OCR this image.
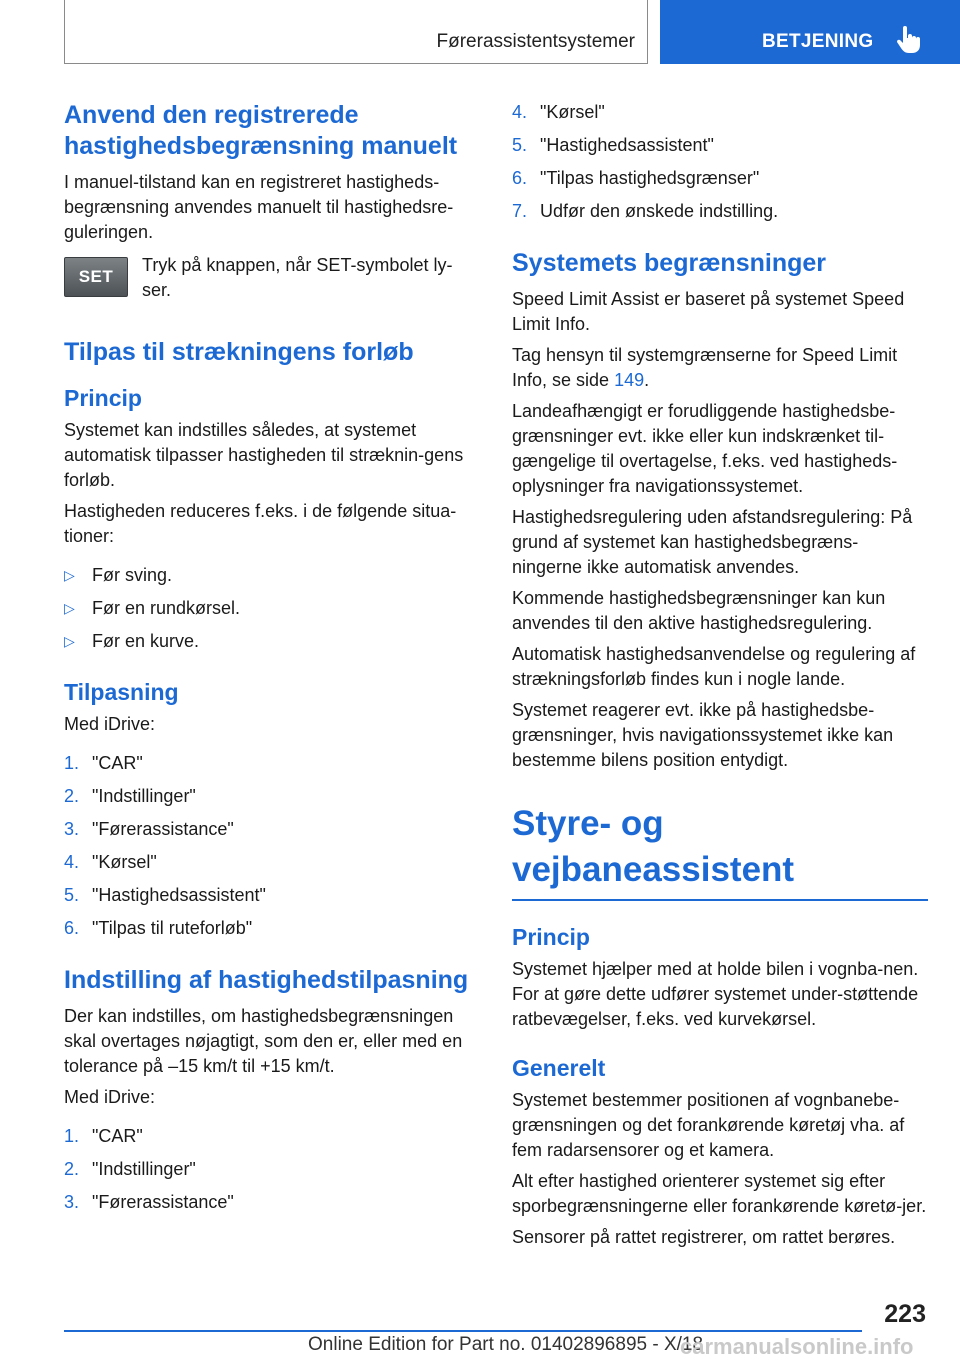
Førerassistentsystemer	BETJENING
Anvend den registrerede hastighedsbegrænsning manuelt

I manuel-tilstand kan en registreret hastigheds-begrænsning anvendes manuelt til hastighedsre-guleringen.

SET

Tryk på knappen, når SET-symbolet ly-ser.

Tilpas til strækningens forløb
Princip

Systemet kan indstilles således, at systemet automatisk tilpasser hastigheden til stræknin-gens forløb.

Hastigheden reduceres f.eks. i de følgende situa-tioner:

▷ Før sving.
▷ Før en rundkørsel.
▷ Før en kurve.
Tilpasning

Med iDrive:

1. "CAR"
2. "Indstillinger"
3. "Førerassistance"
4. "Kørsel"
5. "Hastighedsassistent"
6. "Tilpas til ruteforløb"
Indstilling af hastighedstilpasning

Der kan indstilles, om hastighedsbegrænsningen skal overtages nøjagtigt, som den er, eller med en tolerance på –15 km/t til +15 km/t.

Med iDrive:

1. "CAR"
2. "Indstillinger"
3. "Førerassistance"
4. "Kørsel"
5. "Hastighedsassistent"
6. "Tilpas hastighedsgrænser"
7. Udfør den ønskede indstilling.
Systemets begrænsninger

Speed Limit Assist er baseret på systemet Speed Limit Info.

Tag hensyn til systemgrænserne for Speed Limit Info, se side 149.

Landeafhængigt er forudliggende hastighedsbe-grænsninger evt. ikke eller kun indskrænket til-gængelige til overtagelse, f.eks. ved hastigheds-oplysninger fra navigationssystemet.

Hastighedsregulering uden afstandsregulering: På grund af systemet kan hastighedsbegræns-ningerne ikke automatisk anvendes.

Kommende hastighedsbegrænsninger kan kun anvendes til den aktive hastighedsregulering.

Automatisk hastighedsanvendelse og regulering af strækningsforløb findes kun i nogle lande.

Systemet reagerer evt. ikke på hastighedsbe-grænsninger, hvis navigationssystemet ikke kan bestemme bilens position entydigt.

Styre- og vejbaneassistent
Princip

Systemet hjælper med at holde bilen i vognba-nen. For at gøre dette udfører systemet under-støttende ratbevægelser, f.eks. ved kurvekørsel.

Generelt

Systemet bestemmer positionen af vognbanebe-grænsningen og det forankørende køretøj vha. af fem radarsensorer og et kamera.

Alt efter hastighed orienterer systemet sig efter sporbegrænsningerne eller forankørende køretø-jer.

Sensorer på rattet registrerer, om rattet berøres.

223
Online Edition for Part no. 01402896895 - X/18
carmanualsonline.info
